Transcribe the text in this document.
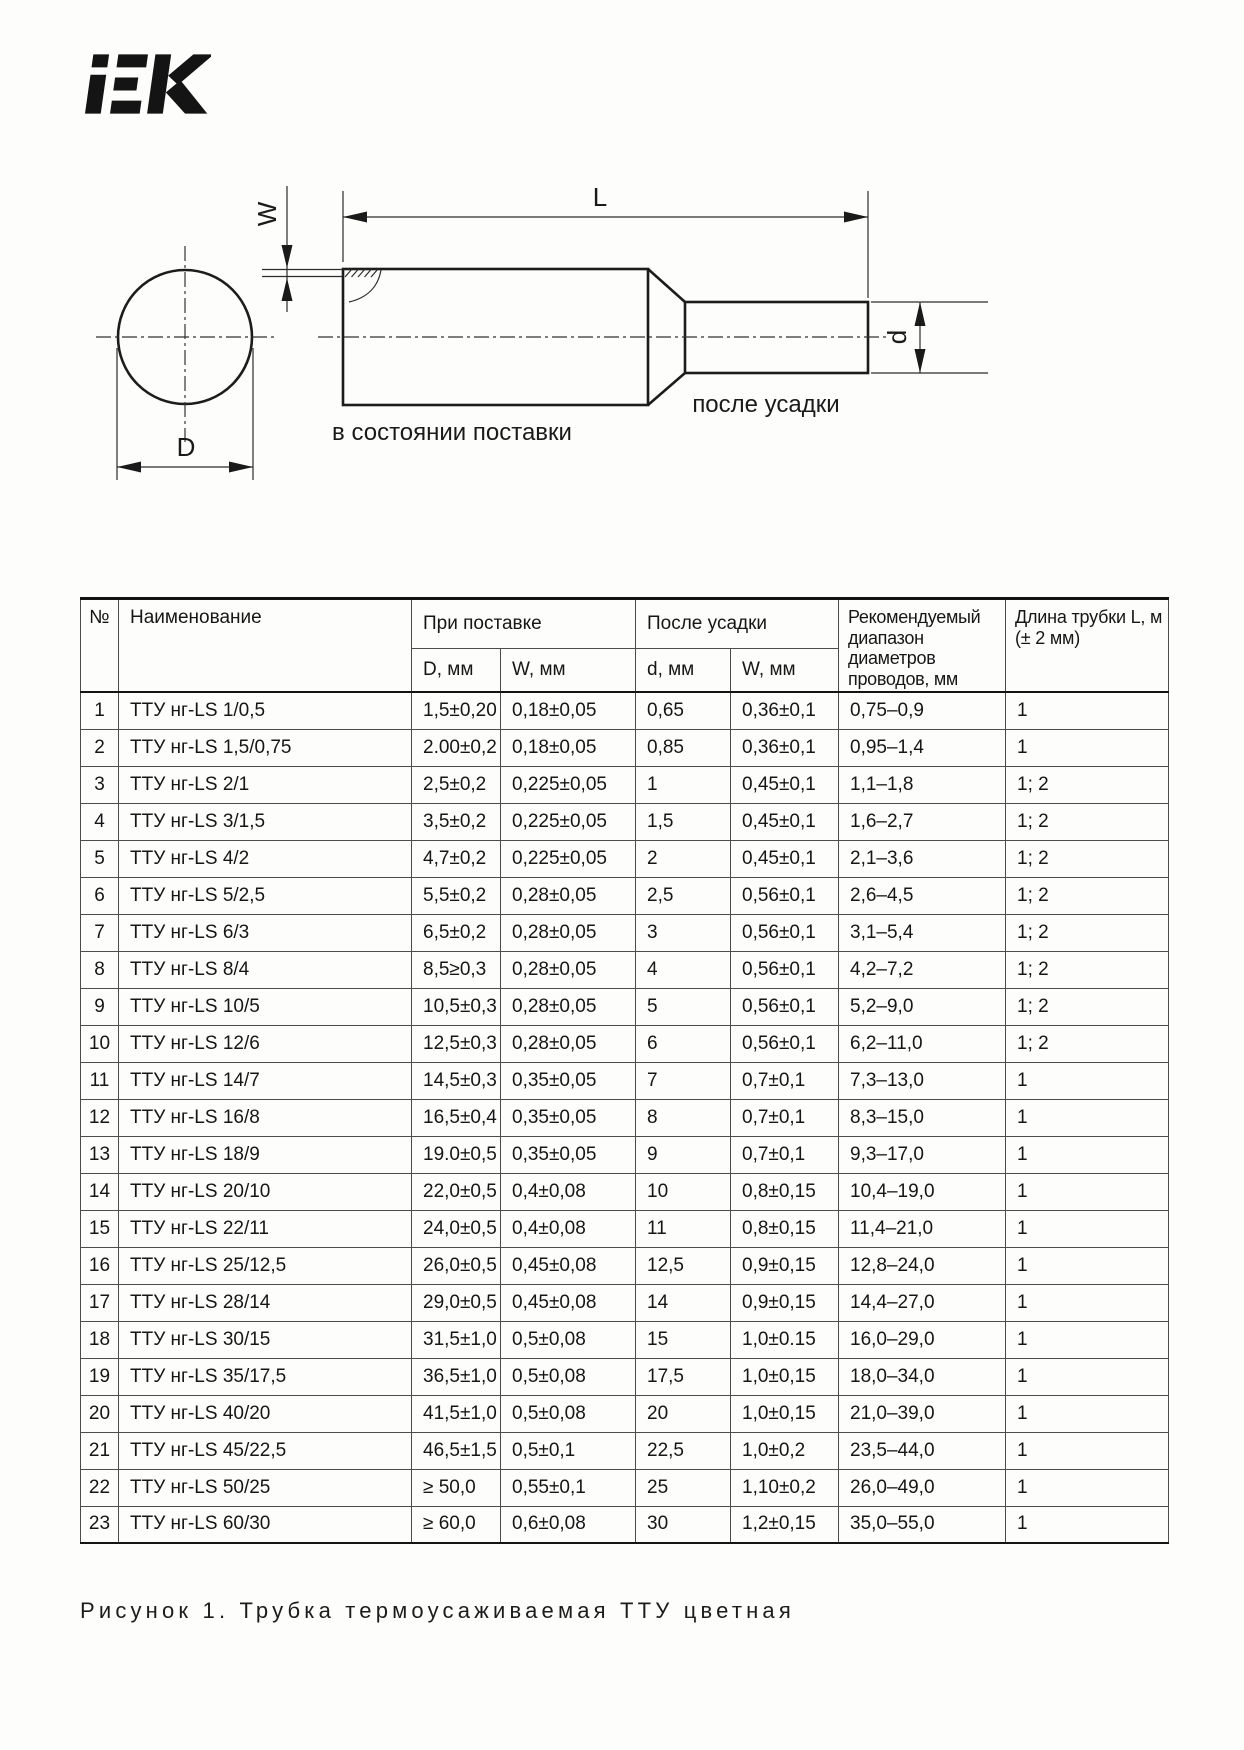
D
W
L
в состоянии поставки
d
после усадки
№	Наименование	При поставке		После усадки		Рекомендуемый диапазон диаметров проводов, мм	Длина трубки L, м (± 2 мм)
		D, мм	W, мм	d, мм	W, мм		
1	ТТУ нг-LS 1/0,5	1,5±0,20	0,18±0,05	0,65	0,36±0,1	0,75–0,9	1
2	ТТУ нг-LS 1,5/0,75	2.00±0,2	0,18±0,05	0,85	0,36±0,1	0,95–1,4	1
3	ТТУ нг-LS 2/1	2,5±0,2	0,225±0,05	1	0,45±0,1	1,1–1,8	1; 2
4	ТТУ нг-LS 3/1,5	3,5±0,2	0,225±0,05	1,5	0,45±0,1	1,6–2,7	1; 2
5	ТТУ нг-LS 4/2	4,7±0,2	0,225±0,05	2	0,45±0,1	2,1–3,6	1; 2
6	ТТУ нг-LS 5/2,5	5,5±0,2	0,28±0,05	2,5	0,56±0,1	2,6–4,5	1; 2
7	ТТУ нг-LS 6/3	6,5±0,2	0,28±0,05	3	0,56±0,1	3,1–5,4	1; 2
8	ТТУ нг-LS 8/4	8,5≥0,3	0,28±0,05	4	0,56±0,1	4,2–7,2	1; 2
9	ТТУ нг-LS 10/5	10,5±0,3	0,28±0,05	5	0,56±0,1	5,2–9,0	1; 2
10	ТТУ нг-LS 12/6	12,5±0,3	0,28±0,05	6	0,56±0,1	6,2–11,0	1; 2
11	ТТУ нг-LS 14/7	14,5±0,3	0,35±0,05	7	0,7±0,1	7,3–13,0	1
12	ТТУ нг-LS 16/8	16,5±0,4	0,35±0,05	8	0,7±0,1	8,3–15,0	1
13	ТТУ нг-LS 18/9	19.0±0,5	0,35±0,05	9	0,7±0,1	9,3–17,0	1
14	ТТУ нг-LS 20/10	22,0±0,5	0,4±0,08	10	0,8±0,15	10,4–19,0	1
15	ТТУ нг-LS 22/11	24,0±0,5	0,4±0,08	11	0,8±0,15	11,4–21,0	1
16	ТТУ нг-LS 25/12,5	26,0±0,5	0,45±0,08	12,5	0,9±0,15	12,8–24,0	1
17	ТТУ нг-LS 28/14	29,0±0,5	0,45±0,08	14	0,9±0,15	14,4–27,0	1
18	ТТУ нг-LS 30/15	31,5±1,0	0,5±0,08	15	1,0±0.15	16,0–29,0	1
19	ТТУ нг-LS 35/17,5	36,5±1,0	0,5±0,08	17,5	1,0±0,15	18,0–34,0	1
20	ТТУ нг-LS 40/20	41,5±1,0	0,5±0,08	20	1,0±0,15	21,0–39,0	1
21	ТТУ нг-LS 45/22,5	46,5±1,5	0,5±0,1	22,5	1,0±0,2	23,5–44,0	1
22	ТТУ нг-LS 50/25	≥ 50,0	0,55±0,1	25	1,10±0,2	26,0–49,0	1
23	ТТУ нг-LS 60/30	≥ 60,0	0,6±0,08	30	1,2±0,15	35,0–55,0	1
Рисунок 1. Трубка термоусаживаемая ТТУ цветная
